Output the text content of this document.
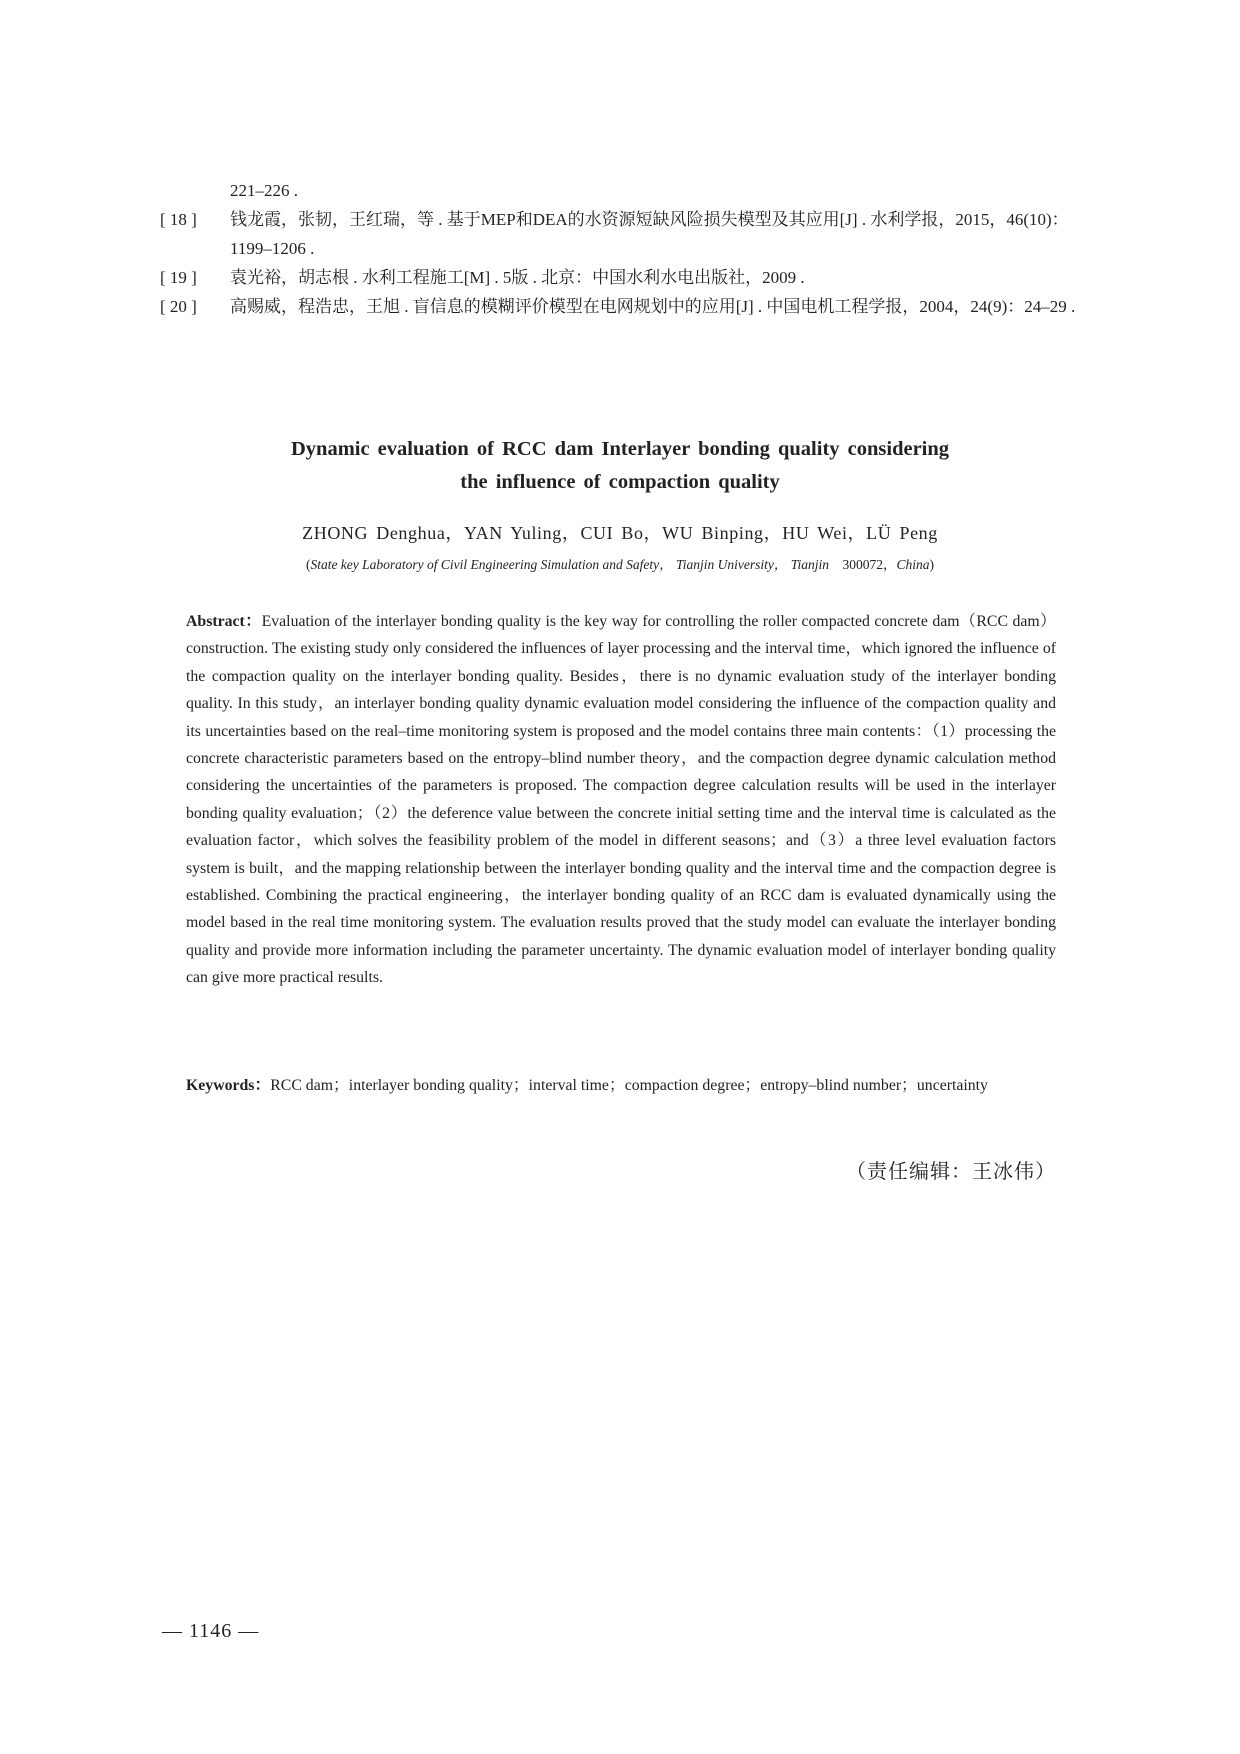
221–226 .
[ 18 ]	钱龙霞，张韧，王红瑞，等 . 基于MEP和DEA的水资源短缺风险损失模型及其应用[J] . 水利学报，2015，46(10)：1199–1206 .
[ 19 ]	袁光裕，胡志根 . 水利工程施工[M] . 5版 . 北京：中国水利水电出版社，2009 .
[ 20 ]	高赐威，程浩忠，王旭 . 盲信息的模糊评价模型在电网规划中的应用[J] . 中国电机工程学报，2004，24(9)：24–29 .
Dynamic evaluation of RCC dam Interlayer bonding quality considering
the influence of compaction quality
ZHONG Denghua，YAN Yuling，CUI Bo，WU Binping，HU Wei，LÜ Peng
(State key Laboratory of Civil Engineering Simulation and Safety， Tianjin University， Tianjin 300072，China)
Abstract：Evaluation of the interlayer bonding quality is the key way for controlling the roller compacted concrete dam（RCC dam）construction. The existing study only considered the influences of layer processing and the interval time，which ignored the influence of the compaction quality on the interlayer bonding quality. Besides，there is no dynamic evaluation study of the interlayer bonding quality. In this study，an interlayer bonding quality dynamic evaluation model considering the influence of the compaction quality and its uncertainties based on the real–time monitoring system is proposed and the model contains three main contents：（1）processing the concrete characteristic parameters based on the entropy–blind number theory，and the compaction degree dynamic calculation method considering the uncertainties of the parameters is proposed. The compaction degree calculation results will be used in the interlayer bonding quality evaluation；（2）the deference value between the concrete initial setting time and the interval time is calculated as the evaluation factor，which solves the feasibility problem of the model in different seasons；and（3）a three level evaluation factors system is built，and the mapping relationship between the interlayer bonding quality and the interval time and the compaction degree is established. Combining the practical engineering，the interlayer bonding quality of an RCC dam is evaluated dynamically using the model based in the real time monitoring system. The evaluation results proved that the study model can evaluate the interlayer bonding quality and provide more information including the parameter uncertainty. The dynamic evaluation model of interlayer bonding quality can give more practical results.
Keywords：RCC dam；interlayer bonding quality；interval time；compaction degree；entropy–blind number；uncertainty
（责任编辑：王冰伟）
— 1146 —
